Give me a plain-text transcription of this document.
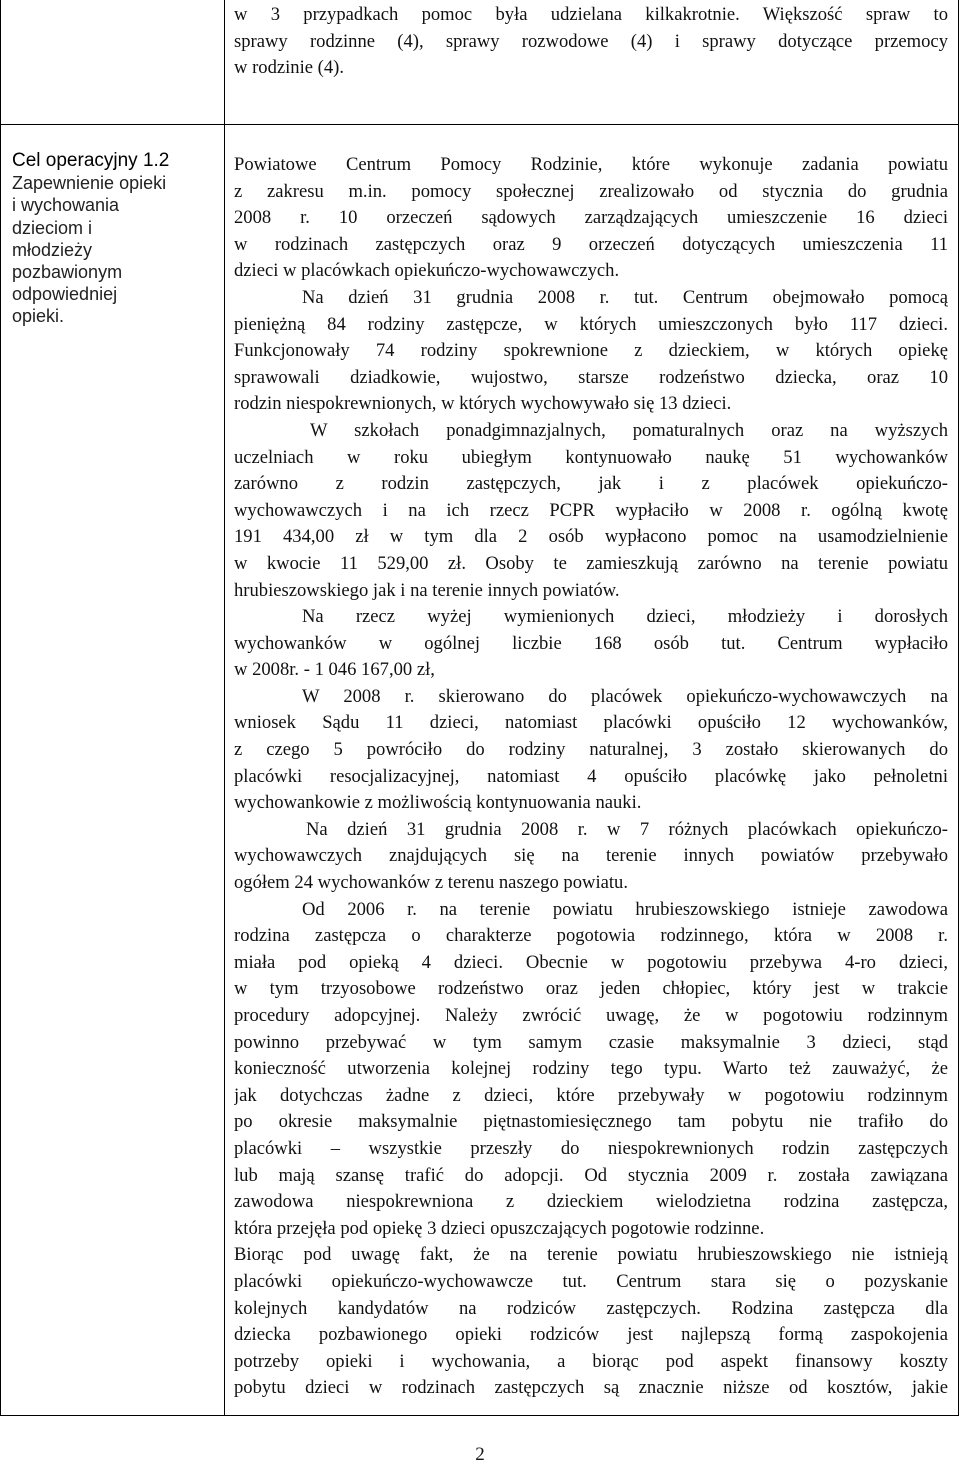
w 3 przypadkach pomoc była udzielana kilkakrotnie. Większość spraw to
sprawy rodzinne (4), sprawy rozwodowe (4) i sprawy dotyczące przemocy
w rodzinie (4).
Cel operacyjny 1.2
Zapewnienie opieki
i wychowania
dzieciom i
młodzieży
pozbawionym
odpowiedniej
opieki.
Powiatowe Centrum Pomocy Rodzinie, które wykonuje zadania powiatu
z zakresu m.in. pomocy społecznej zrealizowało od stycznia do grudnia
2008 r. 10 orzeczeń sądowych zarządzających umieszczenie 16 dzieci
w rodzinach zastępczych oraz 9 orzeczeń dotyczących umieszczenia 11
dzieci w placówkach opiekuńczo-wychowawczych.
Na dzień 31 grudnia 2008 r. tut. Centrum obejmowało pomocą
pieniężną 84 rodziny zastępcze, w których umieszczonych było 117 dzieci.
Funkcjonowały 74 rodziny spokrewnione z dzieckiem, w których opiekę
sprawowali dziadkowie, wujostwo, starsze rodzeństwo dziecka, oraz 10
rodzin niespokrewnionych, w których wychowywało się 13 dzieci.
W szkołach ponadgimnazjalnych, pomaturalnych oraz na wyższych
uczelniach w roku ubiegłym kontynuowało naukę 51 wychowanków
zarówno z rodzin zastępczych, jak i z placówek opiekuńczo-
wychowawczych i na ich rzecz PCPR wypłaciło w 2008 r. ogólną kwotę
191 434,00 zł w tym dla 2 osób wypłacono pomoc na usamodzielnienie
w kwocie 11 529,00 zł. Osoby te zamieszkują zarówno na terenie powiatu
hrubieszowskiego jak i na terenie innych powiatów.
Na rzecz wyżej wymienionych dzieci, młodzieży i dorosłych
wychowanków w ogólnej liczbie 168 osób tut. Centrum wypłaciło
w 2008r. - 1 046 167,00 zł,
W 2008 r. skierowano do placówek opiekuńczo-wychowawczych na
wniosek Sądu 11 dzieci, natomiast placówki opuściło 12 wychowanków,
z czego 5 powróciło do rodziny naturalnej, 3 zostało skierowanych do
placówki resocjalizacyjnej, natomiast 4 opuściło placówkę jako pełnoletni
wychowankowie z możliwością kontynuowania nauki.
Na dzień 31 grudnia 2008 r. w 7 różnych placówkach opiekuńczo-
wychowawczych znajdujących się na terenie innych powiatów przebywało
ogółem 24 wychowanków z terenu naszego powiatu.
Od 2006 r. na terenie powiatu hrubieszowskiego istnieje zawodowa
rodzina zastępcza o charakterze pogotowia rodzinnego, która w 2008 r.
miała pod opieką 4 dzieci. Obecnie w pogotowiu przebywa 4-ro dzieci,
w tym trzyosobowe rodzeństwo oraz jeden chłopiec, który jest w trakcie
procedury adopcyjnej. Należy zwrócić uwagę, że w pogotowiu rodzinnym
powinno przebywać w tym samym czasie maksymalnie 3 dzieci, stąd
konieczność utworzenia kolejnej rodziny tego typu. Warto też zauważyć, że
jak dotychczas żadne z dzieci, które przebywały w pogotowiu rodzinnym
po okresie maksymalnie piętnastomiesięcznego tam pobytu nie trafiło do
placówki – wszystkie przeszły do niespokrewnionych rodzin zastępczych
lub mają szansę trafić do adopcji. Od stycznia 2009 r. została zawiązana
zawodowa niespokrewniona z dzieckiem wielodzietna rodzina zastępcza,
która przejęła pod opiekę 3 dzieci opuszczających pogotowie rodzinne.
Biorąc pod uwagę fakt, że na terenie powiatu hrubieszowskiego nie istnieją
placówki opiekuńczo-wychowawcze tut. Centrum stara się o pozyskanie
kolejnych kandydatów na rodziców zastępczych. Rodzina zastępcza dla
dziecka pozbawionego opieki rodziców jest najlepszą formą zaspokojenia
potrzeby opieki i wychowania, a biorąc pod aspekt finansowy koszty
pobytu dzieci w rodzinach zastępczych są znacznie niższe od kosztów, jakie
2
